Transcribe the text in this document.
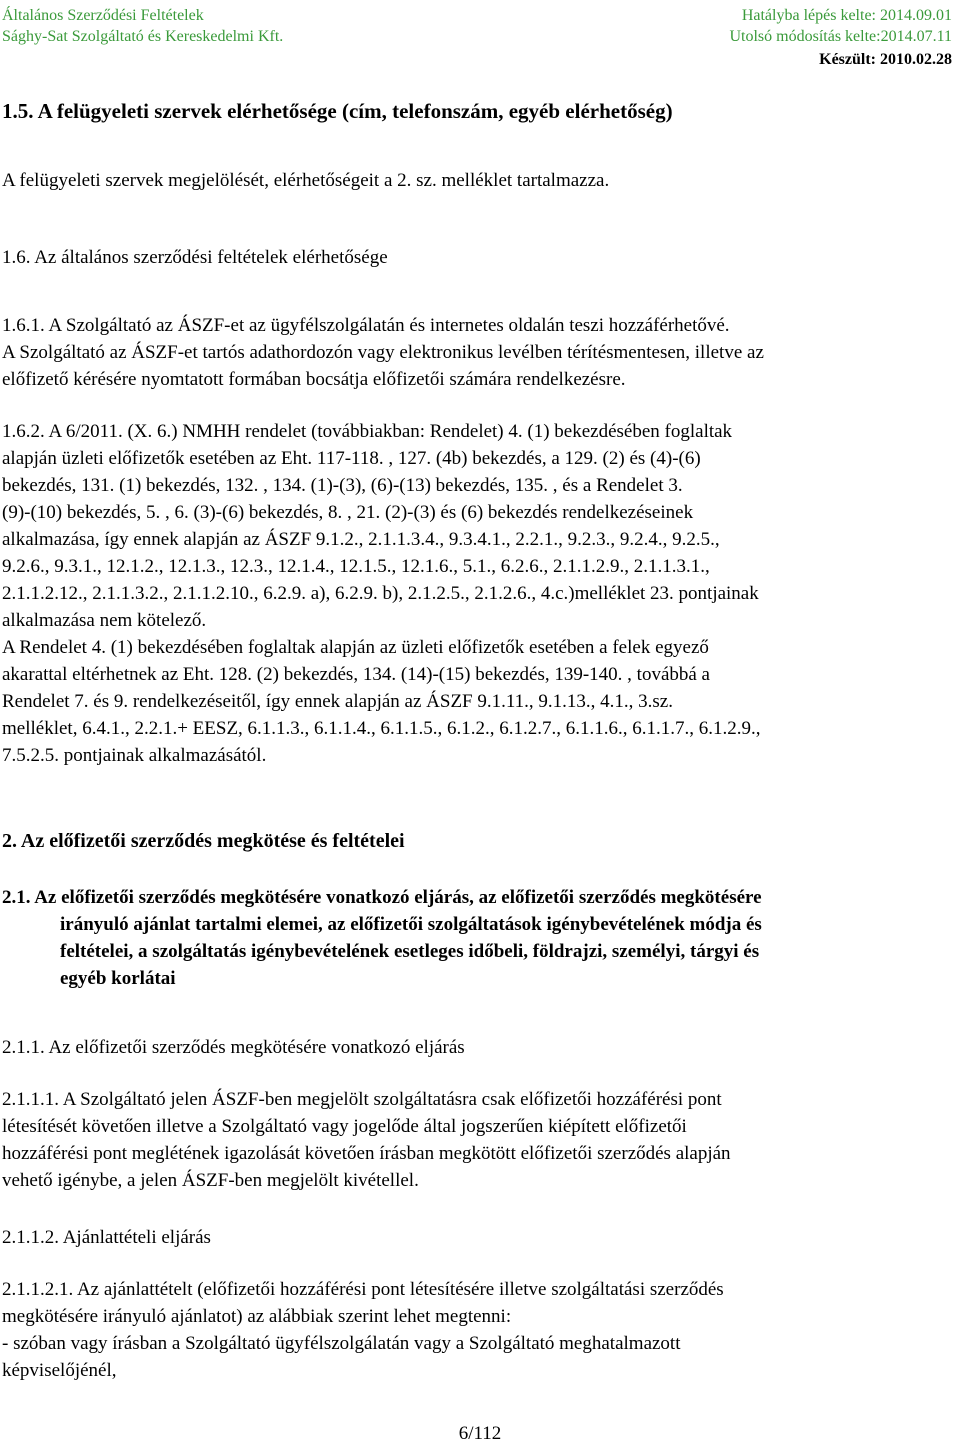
Általános Szerződési Feltételek
Sághy-Sat Szolgáltató és Kereskedelmi Kft.
Hatályba lépés kelte: 2014.09.01
Utolsó módosítás kelte:2014.07.11
Készült: 2010.02.28
1.5. A felügyeleti szervek elérhetősége (cím, telefonszám, egyéb elérhetőség)
A felügyeleti szervek megjelölését, elérhetőségeit a 2. sz. melléklet tartalmazza.
1.6. Az általános szerződési feltételek elérhetősége
1.6.1. A Szolgáltató az ÁSZF-et az ügyfélszolgálatán és internetes oldalán teszi hozzáférhetővé.
A Szolgáltató az ÁSZF-et tartós adathordozón vagy elektronikus levélben térítésmentesen, illetve az
előfizető kérésére nyomtatott formában bocsátja előfizetői számára rendelkezésre.
1.6.2. A 6/2011. (X. 6.) NMHH rendelet (továbbiakban: Rendelet) 4. (1) bekezdésében foglaltak
alapján üzleti előfizetők esetében az Eht. 117-118. , 127. (4b) bekezdés, a 129. (2) és (4)-(6)
bekezdés, 131. (1) bekezdés, 132. , 134. (1)-(3), (6)-(13) bekezdés, 135. , és a Rendelet 3.
(9)-(10) bekezdés, 5. , 6. (3)-(6) bekezdés, 8. , 21. (2)-(3) és (6) bekezdés rendelkezéseinek
alkalmazása, így ennek alapján az ÁSZF 9.1.2., 2.1.1.3.4., 9.3.4.1., 2.2.1., 9.2.3., 9.2.4., 9.2.5.,
9.2.6., 9.3.1., 12.1.2., 12.1.3., 12.3., 12.1.4., 12.1.5., 12.1.6., 5.1., 6.2.6., 2.1.1.2.9., 2.1.1.3.1.,
2.1.1.2.12., 2.1.1.3.2., 2.1.1.2.10., 6.2.9. a), 6.2.9. b), 2.1.2.5., 2.1.2.6., 4.c.)melléklet 23. pontjainak
alkalmazása nem kötelező.
A Rendelet 4. (1) bekezdésében foglaltak alapján az üzleti előfizetők esetében a felek egyező
akarattal eltérhetnek az Eht. 128. (2) bekezdés, 134. (14)-(15) bekezdés, 139-140. , továbbá a
Rendelet 7. és 9. rendelkezéseitől, így ennek alapján az ÁSZF 9.1.11., 9.1.13., 4.1., 3.sz.
melléklet, 6.4.1., 2.2.1.+ EESZ, 6.1.1.3., 6.1.1.4., 6.1.1.5., 6.1.2., 6.1.2.7., 6.1.1.6., 6.1.1.7., 6.1.2.9.,
7.5.2.5. pontjainak alkalmazásától.
2. Az előfizetői szerződés megkötése és feltételei
2.1. Az előfizetői szerződés megkötésére vonatkozó eljárás, az előfizetői szerződés megkötésére
irányuló ajánlat tartalmi elemei, az előfizetői szolgáltatások igénybevételének módja és
feltételei, a szolgáltatás igénybevételének esetleges időbeli, földrajzi, személyi, tárgyi és
egyéb korlátai
2.1.1. Az előfizetői szerződés megkötésére vonatkozó eljárás
2.1.1.1. A Szolgáltató jelen ÁSZF-ben megjelölt szolgáltatásra csak előfizetői hozzáférési pont
létesítését követően illetve a Szolgáltató vagy jogelőde által jogszerűen kiépített előfizetői
hozzáférési pont meglétének igazolását követően írásban megkötött előfizetői szerződés alapján
vehető igénybe, a jelen ÁSZF-ben megjelölt kivétellel.
2.1.1.2. Ajánlattételi eljárás
2.1.1.2.1. Az ajánlattételt (előfizetői hozzáférési pont létesítésére illetve szolgáltatási szerződés
megkötésére irányuló ajánlatot) az alábbiak szerint lehet megtenni:
- szóban vagy írásban a Szolgáltató ügyfélszolgálatán vagy a Szolgáltató meghatalmazott
képviselőjénél,
6/112
